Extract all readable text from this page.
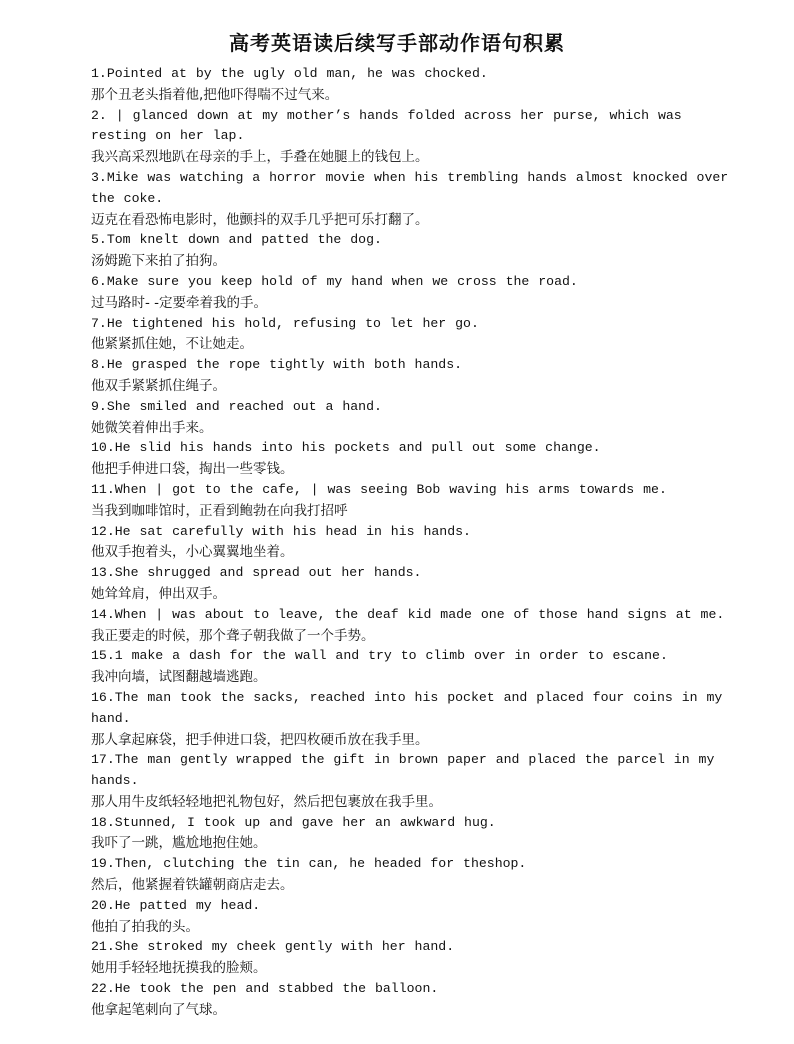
高考英语读后续写手部动作语句积累
1.Pointed at by the ugly old man, he was chocked.
那个丑老头指着他,把他吓得喘不过气来。
2. | glanced down at my mother’s hands folded across her purse, which was resting on her lap.
我兴高采烈地趴在母亲的手上，手叠在她腿上的钱包上。
3.Mike was watching a horror movie when his trembling hands almost knocked over the coke.
迈克在看恐怖电影时，他颤抖的双手几乎把可乐打翻了。
5.Tom knelt down and patted the dog.
汤姆跪下来拍了拍狗。
6.Make sure you keep hold of my hand when we cross the road.
过马路时- -定要牵着我的手。
7.He tightened his hold, refusing to let her go.
他紧紧抓住她，不让她走。
8.He grasped the rope tightly with both hands.
他双手紧紧抓住绳子。
9.She smiled and reached out a hand.
她微笑着伸出手来。
10.He slid his hands into his pockets and pull out some change.
他把手伸进口袋，掏出一些零钱。
11.When | got to the cafe, | was seeing Bob waving his arms towards me.
当我到咖啡馆时，正看到鲍勃在向我打招呼
12.He sat carefully with his head in his hands.
他双手抱着头，小心翼翼地坐着。
13.She shrugged and spread out her hands.
她耸耸肩，伸出双手。
14.When | was about to leave, the deaf kid made one of those hand signs at me.
我正要走的时候，那个聋子朝我做了一个手势。
15.1 make a dash for the wall and try to climb over in order to escane.
我冲向墙，试图翻越墙逃跑。
16.The man took the sacks, reached into his pocket and placed four coins in my hand.
那人拿起麻袋，把手伸进口袋，把四枚硬币放在我手里。
17.The man gently wrapped the gift in brown paper and placed the parcel in my hands.
那人用牛皮纸轻轻地把礼物包好，然后把包裹放在我手里。
18.Stunned, I took up and gave her an awkward hug.
我吓了一跳，尴尬地抱住她。
19.Then, clutching the tin can, he headed for theshop.
然后，他紧握着铁罐朝商店走去。
20.He patted my head.
他拍了拍我的头。
21.She stroked my cheek gently with her hand.
她用手轻轻地抚摸我的脸颊。
22.He took the pen and stabbed the balloon.
他拿起笔刺向了气球。
